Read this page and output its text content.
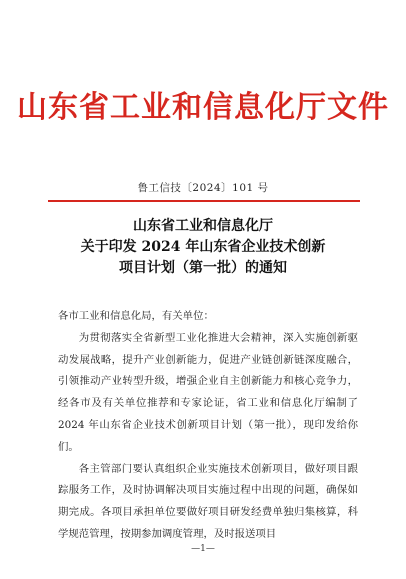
山东省工业和信息化厅文件
鲁工信技〔2024〕101 号
山东省工业和信息化厅
关于印发 2024 年山东省企业技术创新
项目计划（第一批）的通知

各市工业和信息化局，有关单位：

为贯彻落实全省新型工业化推进大会精神，深入实施创新驱动发展战略，提升产业创新能力，促进产业链创新链深度融合，引领推动产业转型升级，增强企业自主创新能力和核心竞争力，经各市及有关单位推荐和专家论证，省工业和信息化厅编制了 2024 年山东省企业技术创新项目计划（第一批），现印发给你们。

各主管部门要认真组织企业实施技术创新项目，做好项目跟踪服务工作，及时协调解决项目实施过程中出现的问题，确保如期完成。各项目承担单位要做好项目研发经费单独归集核算，科学规范管理，按期参加调度管理，及时报送项目

—1—
